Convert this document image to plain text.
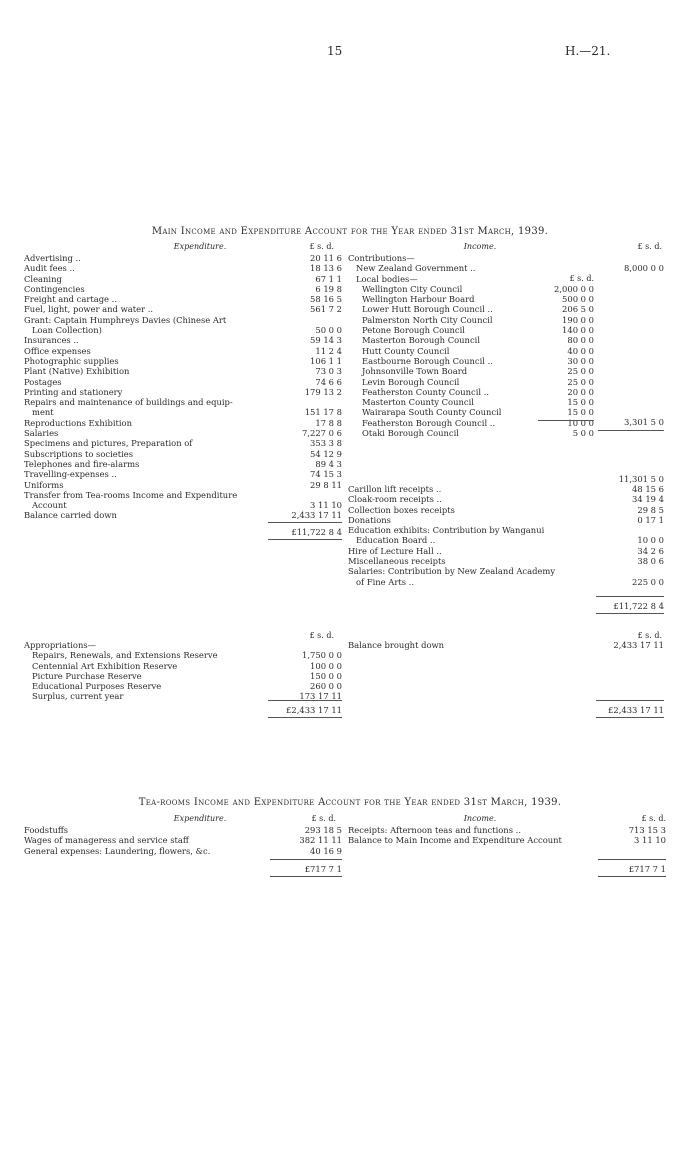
15	H.—21.
Main Income and Expenditure Account for the Year ended 31st March, 1939.
Expenditure.	£ s. d.	Income.	£ s. d.
Advertising ..	20 11 6
Audit fees ..	18 13 6
Cleaning	67 1 1
Contingencies	6 19 8
Freight and cartage ..	58 16 5
Fuel, light, power and water ..	561 7 2
Grant: Captain Humphreys Davies (Chinese Art
Loan Collection)	50 0 0
Insurances ..	59 14 3
Office expenses	11 2 4
Photographic supplies	106 1 1
Plant (Native) Exhibition	73 0 3
Postages	74 6 6
Printing and stationery	179 13 2
Repairs and maintenance of buildings and equip-
ment	151 17 8
Reproductions Exhibition	17 8 8
Salaries	7,227 0 6
Specimens and pictures, Preparation of	353 3 8
Subscriptions to societies	54 12 9
Telephones and fire-alarms	89 4 3
Travelling-expenses ..	74 15 3
Uniforms	29 8 11
Transfer from Tea-rooms Income and Expenditure
Account	3 11 10
Balance carried down	2,433 17 11
£11,722 8 4
Contributions—
New Zealand Government ..	8,000 0 0
Local bodies—	£ s. d.
Wellington City Council	2,000 0 0
Wellington Harbour Board	500 0 0
Lower Hutt Borough Council ..	206 5 0
Palmerston North City Council	190 0 0
Petone Borough Council	140 0 0
Masterton Borough Council	80 0 0
Hutt County Council	40 0 0
Eastbourne Borough Council ..	30 0 0
Johnsonville Town Board	25 0 0
Levin Borough Council	25 0 0
Featherston County Council ..	20 0 0
Masterton County Council	15 0 0
Wairarapa South County Council	15 0 0
Featherston Borough Council ..	10 0 0
Otaki Borough Council	5 0 0
3,301 5 0
11,301 5 0
Carillon lift receipts ..	48 15 6
Cloak-room receipts ..	34 19 4
Collection boxes receipts	29 8 5
Donations	0 17 1
Education exhibits: Contribution by Wanganui
Education Board ..	10 0 0
Hire of Lecture Hall ..	34 2 6
Miscellaneous receipts	38 0 6
Salaries: Contribution by New Zealand Academy
of Fine Arts ..	225 0 0
£11,722 8 4
£ s. d.
Appropriations—
Repairs, Renewals, and Extensions Reserve	1,750 0 0
Centennial Art Exhibition Reserve	100 0 0
Picture Purchase Reserve	150 0 0
Educational Purposes Reserve	260 0 0
Surplus, current year	173 17 11
£2,433 17 11
£ s. d.
Balance brought down	2,433 17 11
£2,433 17 11
Tea-rooms Income and Expenditure Account for the Year ended 31st March, 1939.
Expenditure.	£ s. d.	Income.	£ s. d.
Foodstuffs	293 18 5
Wages of manageress and service staff	382 11 11
General expenses: Laundering, flowers, &c.	40 16 9
£717 7 1
Receipts: Afternoon teas and functions ..	713 15 3
Balance to Main Income and Expenditure Account	3 11 10
£717 7 1
